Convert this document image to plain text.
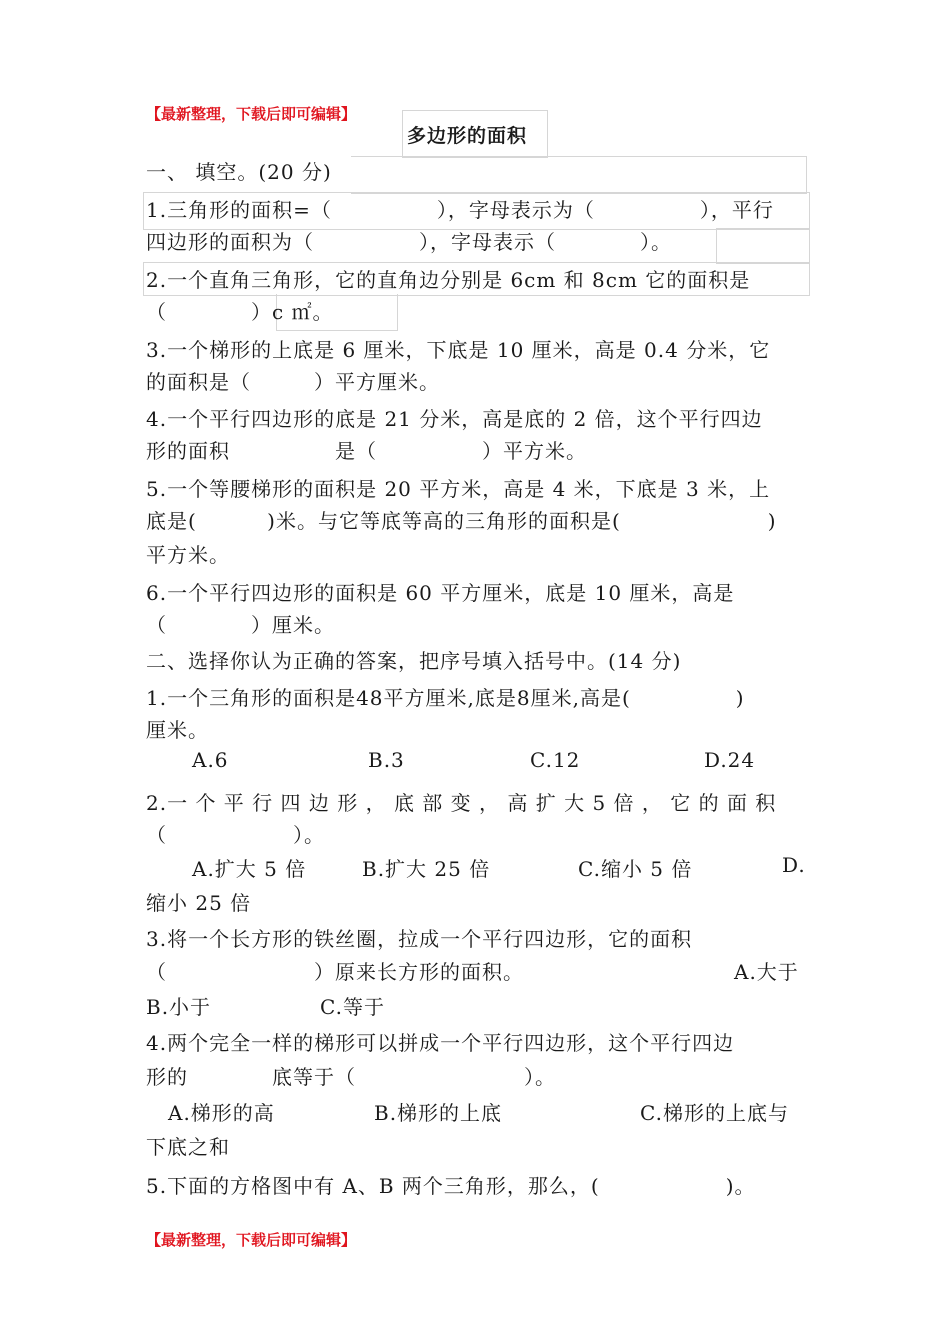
【最新整理，下载后即可编辑】
多边形的面积
一、 填空。(20 分)
1.三角形的面积=（　　　　　），字母表示为（　　　　　），平行
四边形的面积为（　　　　　），字母表示（　　　　）。
2.一个直角三角形，它的直角边分别是 6cm 和 8cm 它的面积是
（　　　　）c ㎡。
3.一个梯形的上底是 6 厘米，下底是 10 厘米，高是 0.4 分米，它
的面积是（　　　）平方厘米。
4.一个平行四边形的底是 21 分米，高是底的 2 倍，这个平行四边
形的面积　　　　　是（　　　　　）平方米。
5.一个等腰梯形的面积是 20 平方米，高是 4 米，下底是 3 米，上
底是(　　　 )米。与它等底等高的三角形的面积是(　　　　　　　)
平方米。
6.一个平行四边形的面积是 60 平方厘米，底是 10 厘米，高是
（　　　　）厘米。
二、选择你认为正确的答案，把序号填入括号中。(14 分)
1.一个三角形的面积是48平方厘米,底是8厘米,高是(　　　　　)
厘米。
A.6	B.3	C.12	D.24
2.一 个 平 行 四 边 形 ， 底 部 变 ， 高 扩 大 5 倍 ， 它 的 面 积
（　　　　　　）。
A.扩大 5 倍	B.扩大 25 倍	C.缩小 5 倍	D.
缩小 25 倍
3.将一个长方形的铁丝圈，拉成一个平行四边形，它的面积
（　　　　　　　）原来长方形的面积。	A.大于
B.小于	C.等于
4.两个完全一样的梯形可以拼成一个平行四边形，这个平行四边
形的　　　　底等于（　　　　　　　　）。
A.梯形的高	B.梯形的上底	C.梯形的上底与
下底之和
5.下面的方格图中有 A、B 两个三角形，那么，(　　　　　　)。
【最新整理，下载后即可编辑】
